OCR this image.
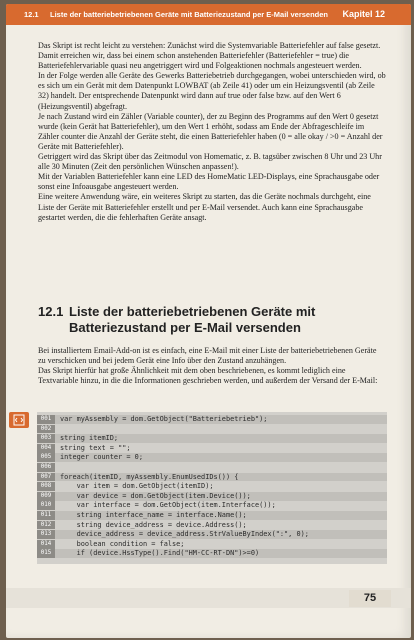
12.1 Liste der batteriebetriebenen Geräte mit Batteriezustand per E-Mail versenden Kapitel 12

Das Skript ist recht leicht zu verstehen: Zunächst wird die Systemvariable Batteriefehler auf false gesetzt. Damit erreichen wir, dass bei einem schon anstehenden Batteriefehler (Batteriefehler = true) die Batteriefehlervariable quasi neu angetriggert wird und Folgeaktionen nochmals angesteuert werden.

In der Folge werden alle Geräte des Gewerks Batteriebetrieb durchgegangen, wobei unterschieden wird, ob es sich um ein Gerät mit dem Datenpunkt LOWBAT (ab Zeile 41) oder um ein Heizungsventil (ab Zeile 32) handelt. Der entsprechende Datenpunkt wird dann auf true oder false bzw. auf den Wert 6 (Heizungsventil) abgefragt.

Je nach Zustand wird ein Zähler (Variable counter), der zu Beginn des Programms auf den Wert 0 gesetzt wurde (kein Gerät hat Batteriefehler), um den Wert 1 erhöht, sodass am Ende der Abfrageschleife im Zähler counter die Anzahl der Geräte steht, die einen Batteriefehler haben (0 = alle okay / >0 = Anzahl der Geräte mit Batteriefehler).

Getriggert wird das Skript über das Zeitmodul von Homematic, z. B. tagsüber zwischen 8 Uhr und 23 Uhr alle 30 Minuten (Zeit den persönlichen Wünschen anpassen!).

Mit der Variablen Batteriefehler kann eine LED des HomeMatic LED-Displays, eine Sprachausgabe oder sonst eine Infoausgabe angesteuert werden.

Eine weitere Anwendung wäre, ein weiteres Skript zu starten, das die Geräte nochmals durchgeht, eine Liste der Geräte mit Batteriefehler erstellt und per E-Mail versendet. Auch kann eine Sprachausgabe gestartet werden, die die fehlerhaften Geräte ansagt.

12.1 Liste der batteriebetriebenen Geräte mit Batteriezustand per E-Mail versenden

Bei installiertem Email-Add-on ist es einfach, eine E-Mail mit einer Liste der batteriebetriebenen Geräte zu verschicken und bei jedem Gerät eine Info über den Zustand anzuhängen.

Das Skript hierfür hat große Ähnlichkeit mit dem oben beschriebenen, es kommt lediglich eine Textvariable hinzu, in die die Informationen geschrieben werden, und außerdem der Versand der E-Mail:

001	var myAssembly = dom.GetObject("Batteriebetrieb");
002
003	string itemID;
004	string text = "";
005	integer counter = 0;
006
007	foreach(itemID, myAssembly.EnumUsedIDs()) {
008	var item = dom.GetObject(itemID);
009	var device = dom.GetObject(item.Device());
010	var interface = dom.GetObject(item.Interface());
011	string interface_name = interface.Name();
012	string device_address = device.Address();
013	device_address = device_address.StrValueByIndex(":", 0);
014	boolean condition = false;
015	if (device.HssType().Find("HM-CC-RT-DN")>=0)
75
